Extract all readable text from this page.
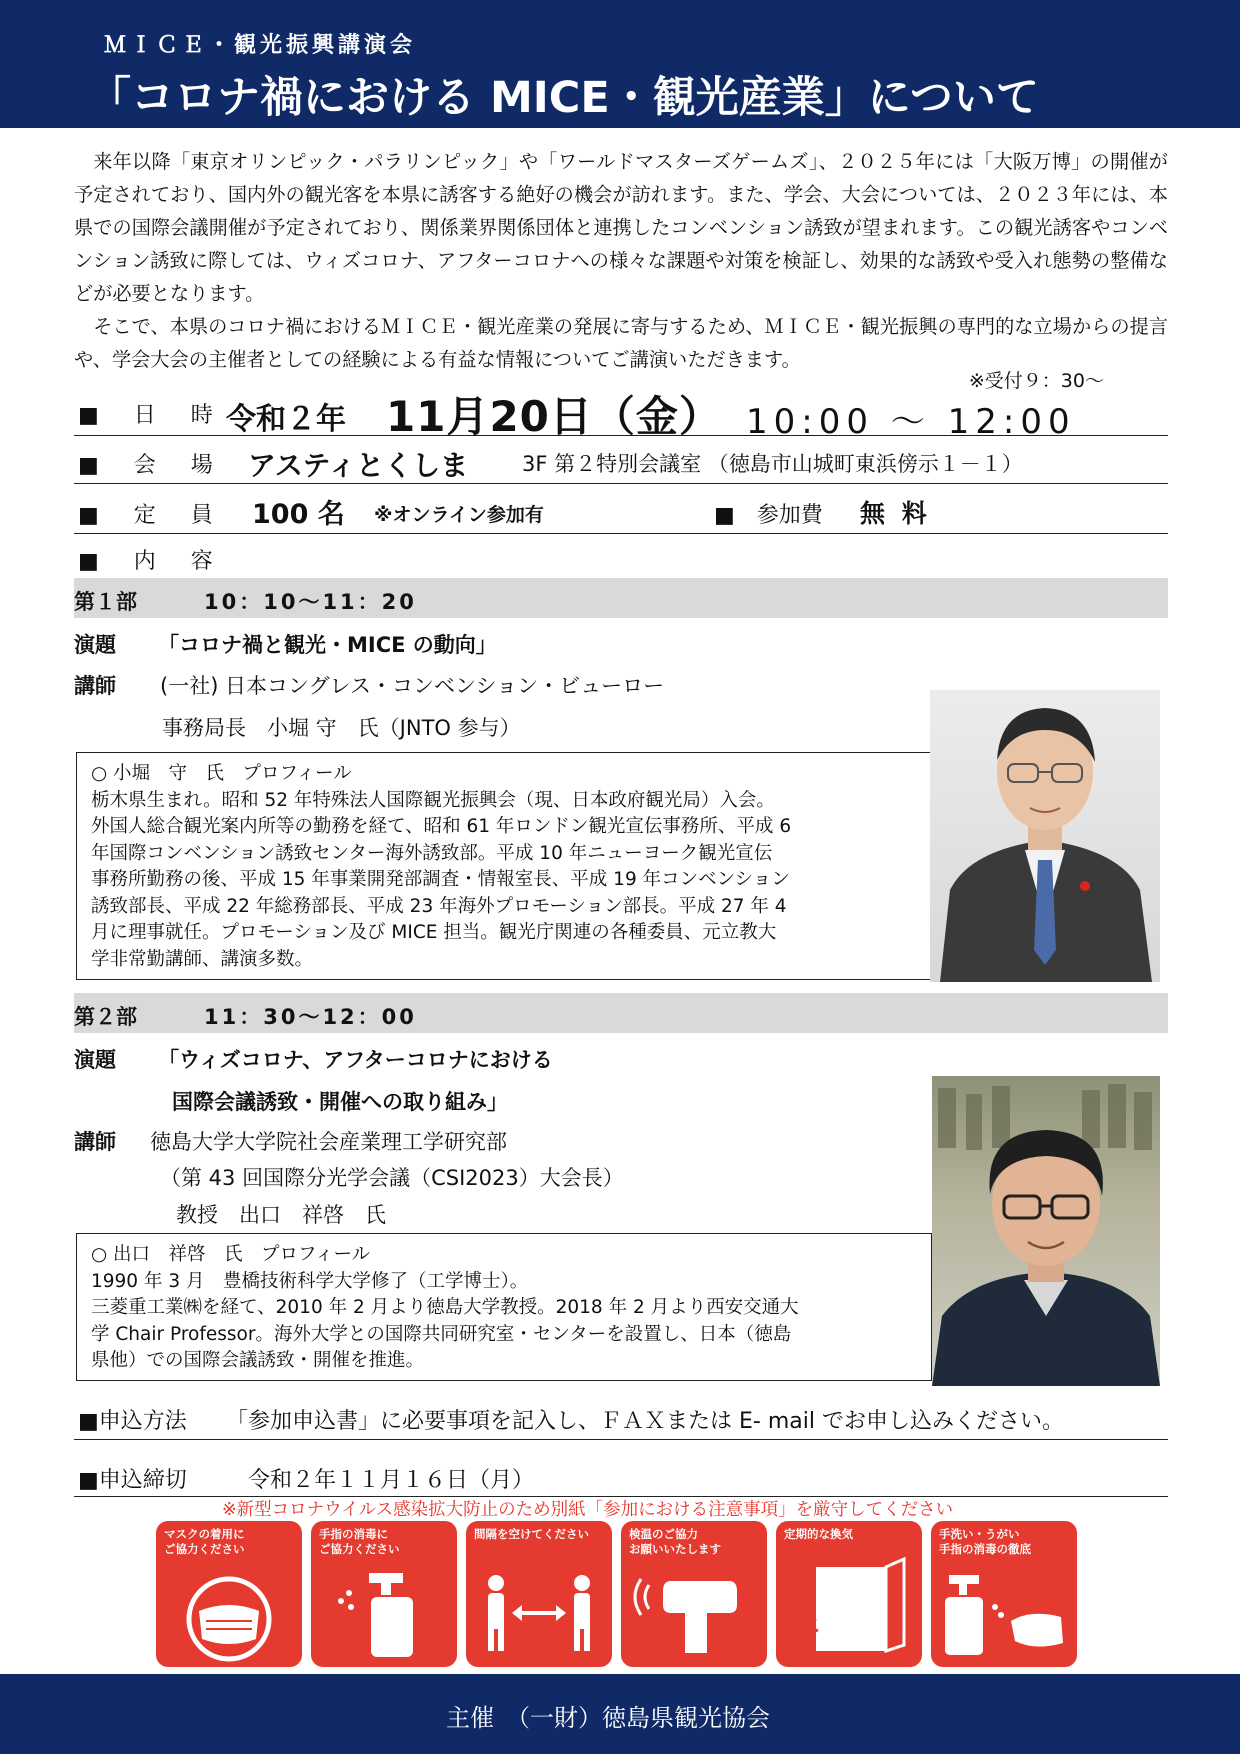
ＭＩＣＥ・観光振興講演会
「コロナ禍における MICE・観光産業」について

来年以降「東京オリンピック・パラリンピック」や「ワールドマスターズゲームズ」、２０２５年には「大阪万博」の開催が予定されており、国内外の観光客を本県に誘客する絶好の機会が訪れます。また、学会、大会については、２０２３年には、本県での国際会議開催が予定されており、関係業界関係団体と連携したコンベンション誘致が望まれます。この観光誘客やコンベンション誘致に際しては、ウィズコロナ、アフターコロナへの様々な課題や対策を検証し、効果的な誘致や受入れ態勢の整備などが必要となります。

そこで、本県のコロナ禍におけるＭＩＣＥ・観光産業の発展に寄与するため、ＭＩＣＥ・観光振興の専門的な立場からの提言や、学会大会の主催者としての経験による有益な情報についてご講演いただきます。

※受付９：30～
■ 日 時 令和２年 11月20日（金） 10:00 ～ 12:00
■ 会 場 アスティとくしま	3F 第２特別会議室 （徳島市山城町東浜傍示１－１）
■ 定 員 100 名 ※オンライン参加有	■　参加費 無 料
■ 内 容
第１部	10：10～11：20
演題 「コロナ禍と観光・MICE の動向」
講師 (一社) 日本コングレス・コンベンション・ビューロー
事務局長　小堀 守　氏（JNTO 参与）
○ 小堀　守　氏　プロフィール
栃木県生まれ。昭和 52 年特殊法人国際観光振興会（現、日本政府観光局）入会。
外国人総合観光案内所等の勤務を経て、昭和 61 年ロンドン観光宣伝事務所、平成 6
年国際コンベンション誘致センター海外誘致部。平成 10 年ニューヨーク観光宣伝
事務所勤務の後、平成 15 年事業開発部調査・情報室長、平成 19 年コンベンション
誘致部長、平成 22 年総務部長、平成 23 年海外プロモーション部長。平成 27 年 4
月に理事就任。プロモーション及び MICE 担当。観光庁関連の各種委員、元立教大
学非常勤講師、講演多数。
第２部	11：30～12：00
演題 「ウィズコロナ、アフターコロナにおける
国際会議誘致・開催への取り組み」
講師 徳島大学大学院社会産業理工学研究部
（第 43 回国際分光学会議（CSI2023）大会長）
教授　出口　祥啓　氏
○ 出口　祥啓　氏　プロフィール
1990 年 3 月　豊橋技術科学大学修了（工学博士）。
三菱重工業㈱を経て、2010 年 2 月より徳島大学教授。2018 年 2 月より西安交通大
学 Chair Professor。海外大学との国際共同研究室・センターを設置し、日本（徳島
県他）での国際会議誘致・開催を推進。
■申込方法 「参加申込書」に必要事項を記入し、ＦＡＸまたは E- mail でお申し込みください。
■申込締切	令和２年１１月１６日（月）
※新型コロナウイルス感染拡大防止のため別紙「参加における注意事項」を厳守してください
マスクの着用に
ご協力ください
手指の消毒に
ご協力ください
間隔を空けてください	検温のご協力
お願いいたします
定期的な換気	手洗い・うがい
手指の消毒の徹底
主催　（一財）徳島県観光協会
